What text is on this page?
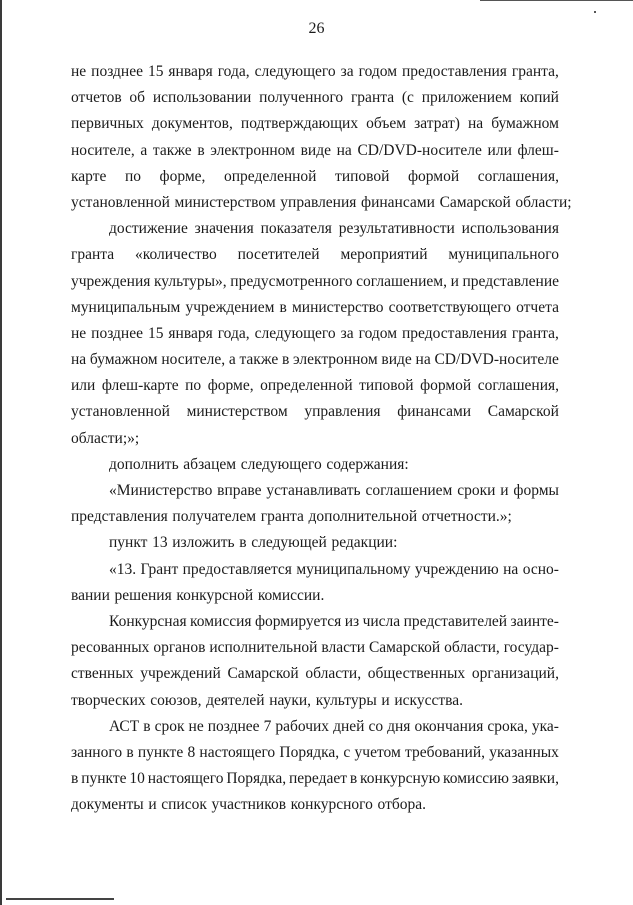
26
не позднее 15 января года, следующего за годом предоставления гранта,
отчетов об использовании полученного гранта (с приложением копий
первичных документов, подтверждающих объем затрат) на бумажном
носителе, а также в электронном виде на CD/DVD-носителе или флеш-
карте по форме, определенной типовой формой соглашения,
установленной министерством управления финансами Самарской области;
достижение значения показателя результативности использования
гранта «количество посетителей мероприятий муниципального
учреждения культуры», предусмотренного соглашением, и представление
муниципальным учреждением в министерство соответствующего отчета
не позднее 15 января года, следующего за годом предоставления гранта,
на бумажном носителе, а также в электронном виде на CD/DVD-носителе
или флеш-карте по форме, определенной типовой формой соглашения,
установленной министерством управления финансами Самарской
области;»;
дополнить абзацем следующего содержания:
«Министерство вправе устанавливать соглашением сроки и формы
представления получателем гранта дополнительной отчетности.»;
пункт 13 изложить в следующей редакции:
«13. Грант предоставляется муниципальному учреждению на осно-
вании решения конкурсной комиссии.
Конкурсная комиссия формируется из числа представителей заинте-
ресованных органов исполнительной власти Самарской области, государ-
ственных учреждений Самарской области, общественных организаций,
творческих союзов, деятелей науки, культуры и искусства.
АСТ в срок не позднее 7 рабочих дней со дня окончания срока, ука-
занного в пункте 8 настоящего Порядка, с учетом требований, указанных
в пункте 10 настоящего Порядка, передает в конкурсную комиссию заявки,
документы и список участников конкурсного отбора.
